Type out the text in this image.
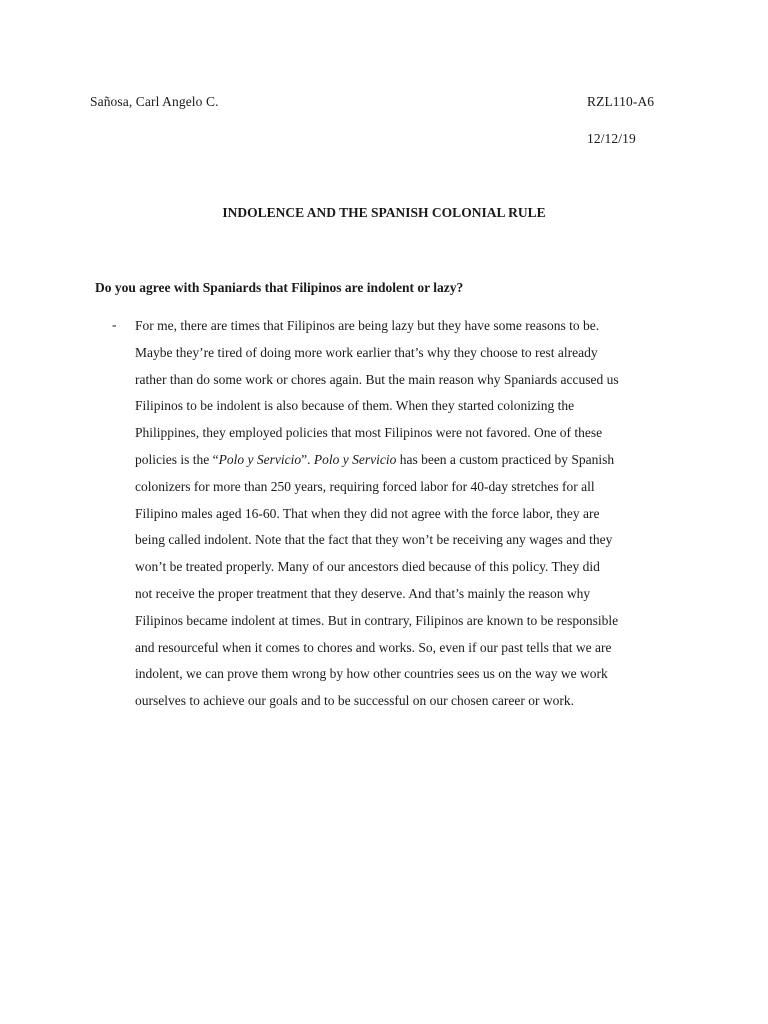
Sañosa, Carl Angelo C.	RZL110-A6
12/12/19
INDOLENCE AND THE SPANISH COLONIAL RULE
Do you agree with Spaniards that Filipinos are indolent or lazy?
- For me, there are times that Filipinos are being lazy but they have some reasons to be.
Maybe they’re tired of doing more work earlier that’s why they choose to rest already
rather than do some work or chores again. But the main reason why Spaniards accused us
Filipinos to be indolent is also because of them. When they started colonizing the
Philippines, they employed policies that most Filipinos were not favored. One of these
policies is the “Polo y Servicio”. Polo y Servicio has been a custom practiced by Spanish
colonizers for more than 250 years, requiring forced labor for 40-day stretches for all
Filipino males aged 16-60. That when they did not agree with the force labor, they are
being called indolent. Note that the fact that they won’t be receiving any wages and they
won’t be treated properly. Many of our ancestors died because of this policy. They did
not receive the proper treatment that they deserve. And that’s mainly the reason why
Filipinos became indolent at times. But in contrary, Filipinos are known to be responsible
and resourceful when it comes to chores and works. So, even if our past tells that we are
indolent, we can prove them wrong by how other countries sees us on the way we work
ourselves to achieve our goals and to be successful on our chosen career or work.
